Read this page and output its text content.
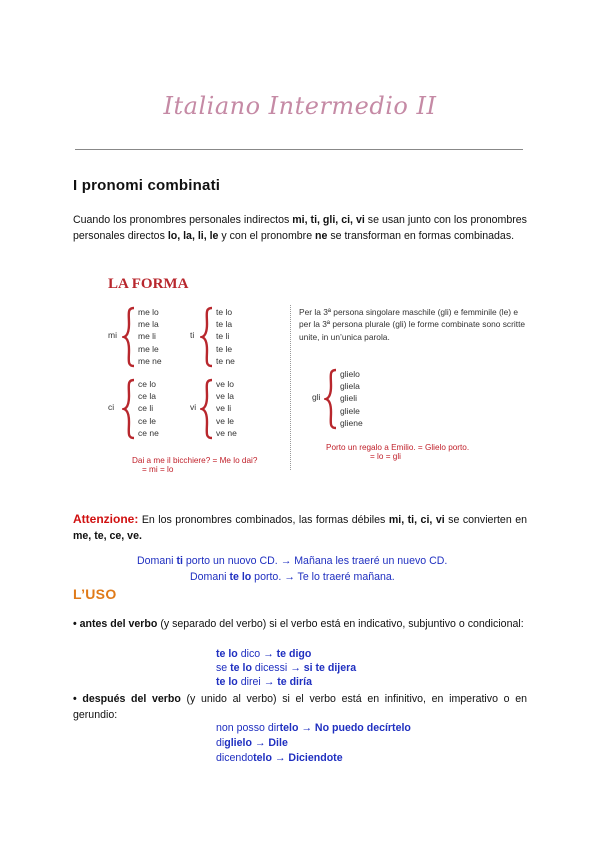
Italiano Intermedio II
I pronomi combinati
Cuando los pronombres personales indirectos mi, ti, gli, ci, vi se usan junto con los pronombres personales directos lo, la, li, le y con el pronombre ne se transforman en formas combinadas.
LA FORMA
mi
me lo
me la
me li
me le
me ne
ti
te lo
te la
te li
te le
te ne
ci
ce lo
ce la
ce li
ce le
ce ne
vi
ve lo
ve la
ve li
ve le
ve ne
Dai a me il bicchiere? = Me lo dai?
= mi = lo
Per la 3ª persona singolare maschile (gli) e femminile (le) e per la 3ª persona plurale (gli) le forme combinate sono scritte unite, in un’unica parola.
gli
glielo
gliela
glieli
gliele
gliene
Porto un regalo a Emilio. = Glielo porto.
= lo = gli
Attenzione: En los pronombres combinados, las formas débiles mi, ti, ci, vi se convierten en me, te, ce, ve.
Domani ti porto un nuovo CD. → Mañana les traeré un nuevo CD.
Domani te lo porto. → Te lo traeré mañana.
L’USO
• antes del verbo (y separado del verbo) si el verbo está en indicativo, subjuntivo o condicional:
te lo dico → te digo
se te lo dicessi → si te dijera
te lo direi → te diría
• después del verbo (y unido al verbo) si el verbo está en infinitivo, en imperativo o en gerundio:
non posso dirtelo → No puedo decírtelo
diglielo → Dile
dicendotelo → Diciendote
